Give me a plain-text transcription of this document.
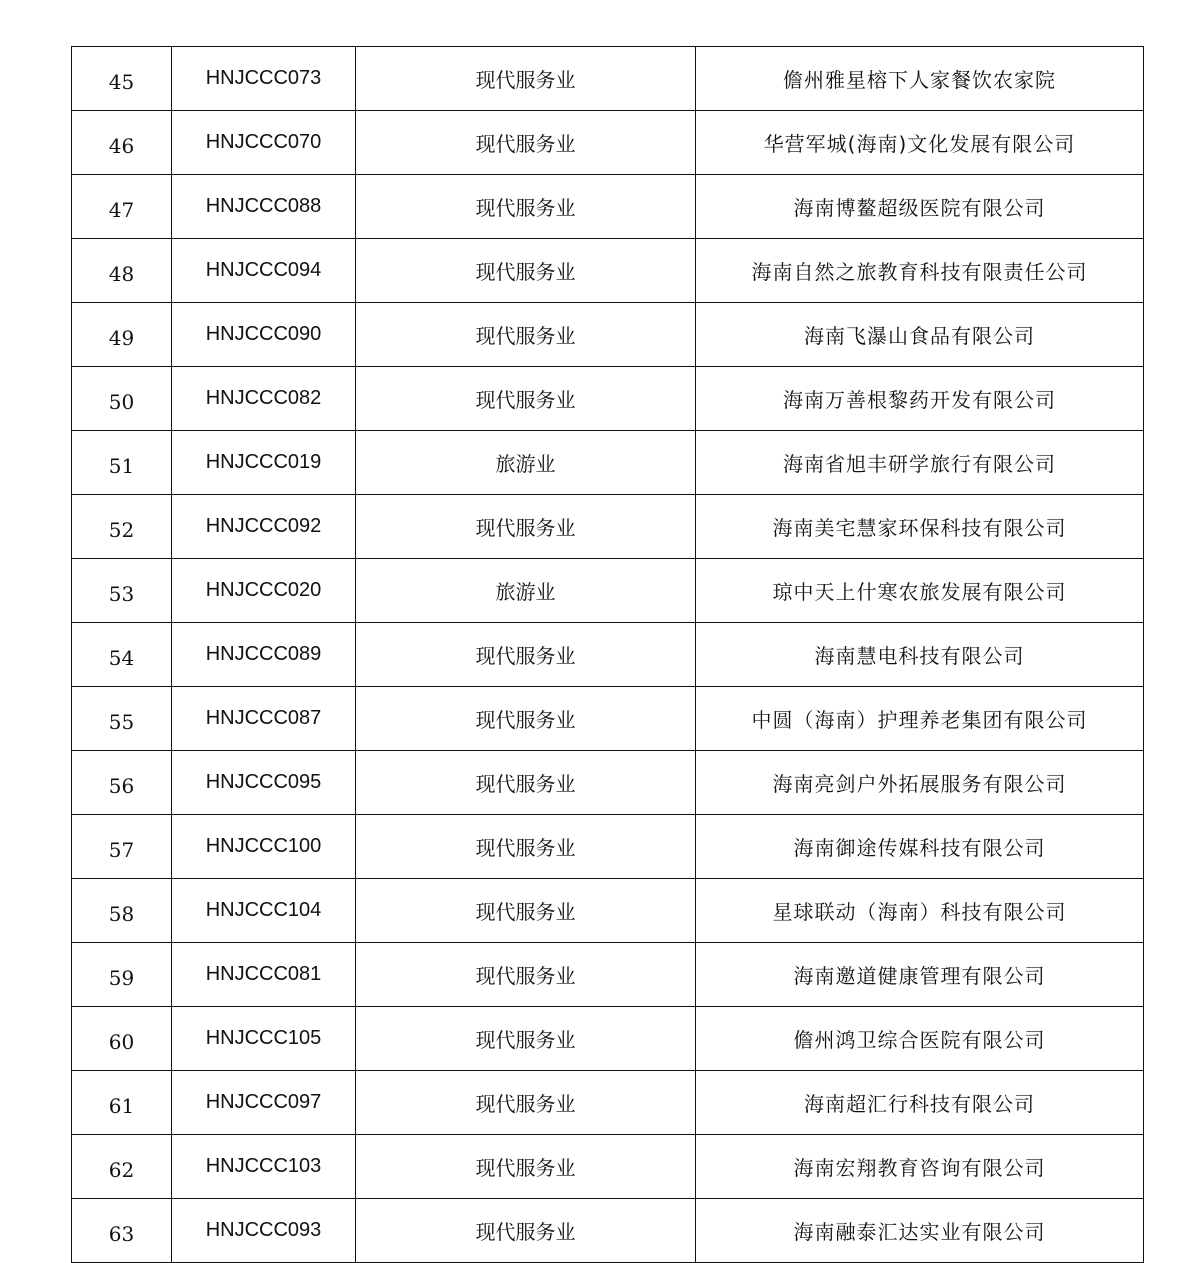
45	HNJCCC073	现代服务业	儋州雅星榕下人家餐饮农家院
46	HNJCCC070	现代服务业	华营军城(海南)文化发展有限公司
47	HNJCCC088	现代服务业	海南博鳌超级医院有限公司
48	HNJCCC094	现代服务业	海南自然之旅教育科技有限责任公司
49	HNJCCC090	现代服务业	海南飞瀑山食品有限公司
50	HNJCCC082	现代服务业	海南万善根黎药开发有限公司
51	HNJCCC019	旅游业	海南省旭丰研学旅行有限公司
52	HNJCCC092	现代服务业	海南美宅慧家环保科技有限公司
53	HNJCCC020	旅游业	琼中天上什寒农旅发展有限公司
54	HNJCCC089	现代服务业	海南慧电科技有限公司
55	HNJCCC087	现代服务业	中圆（海南）护理养老集团有限公司
56	HNJCCC095	现代服务业	海南亮剑户外拓展服务有限公司
57	HNJCCC100	现代服务业	海南御途传媒科技有限公司
58	HNJCCC104	现代服务业	星球联动（海南）科技有限公司
59	HNJCCC081	现代服务业	海南邀道健康管理有限公司
60	HNJCCC105	现代服务业	儋州鸿卫综合医院有限公司
61	HNJCCC097	现代服务业	海南超汇行科技有限公司
62	HNJCCC103	现代服务业	海南宏翔教育咨询有限公司
63	HNJCCC093	现代服务业	海南融泰汇达实业有限公司
